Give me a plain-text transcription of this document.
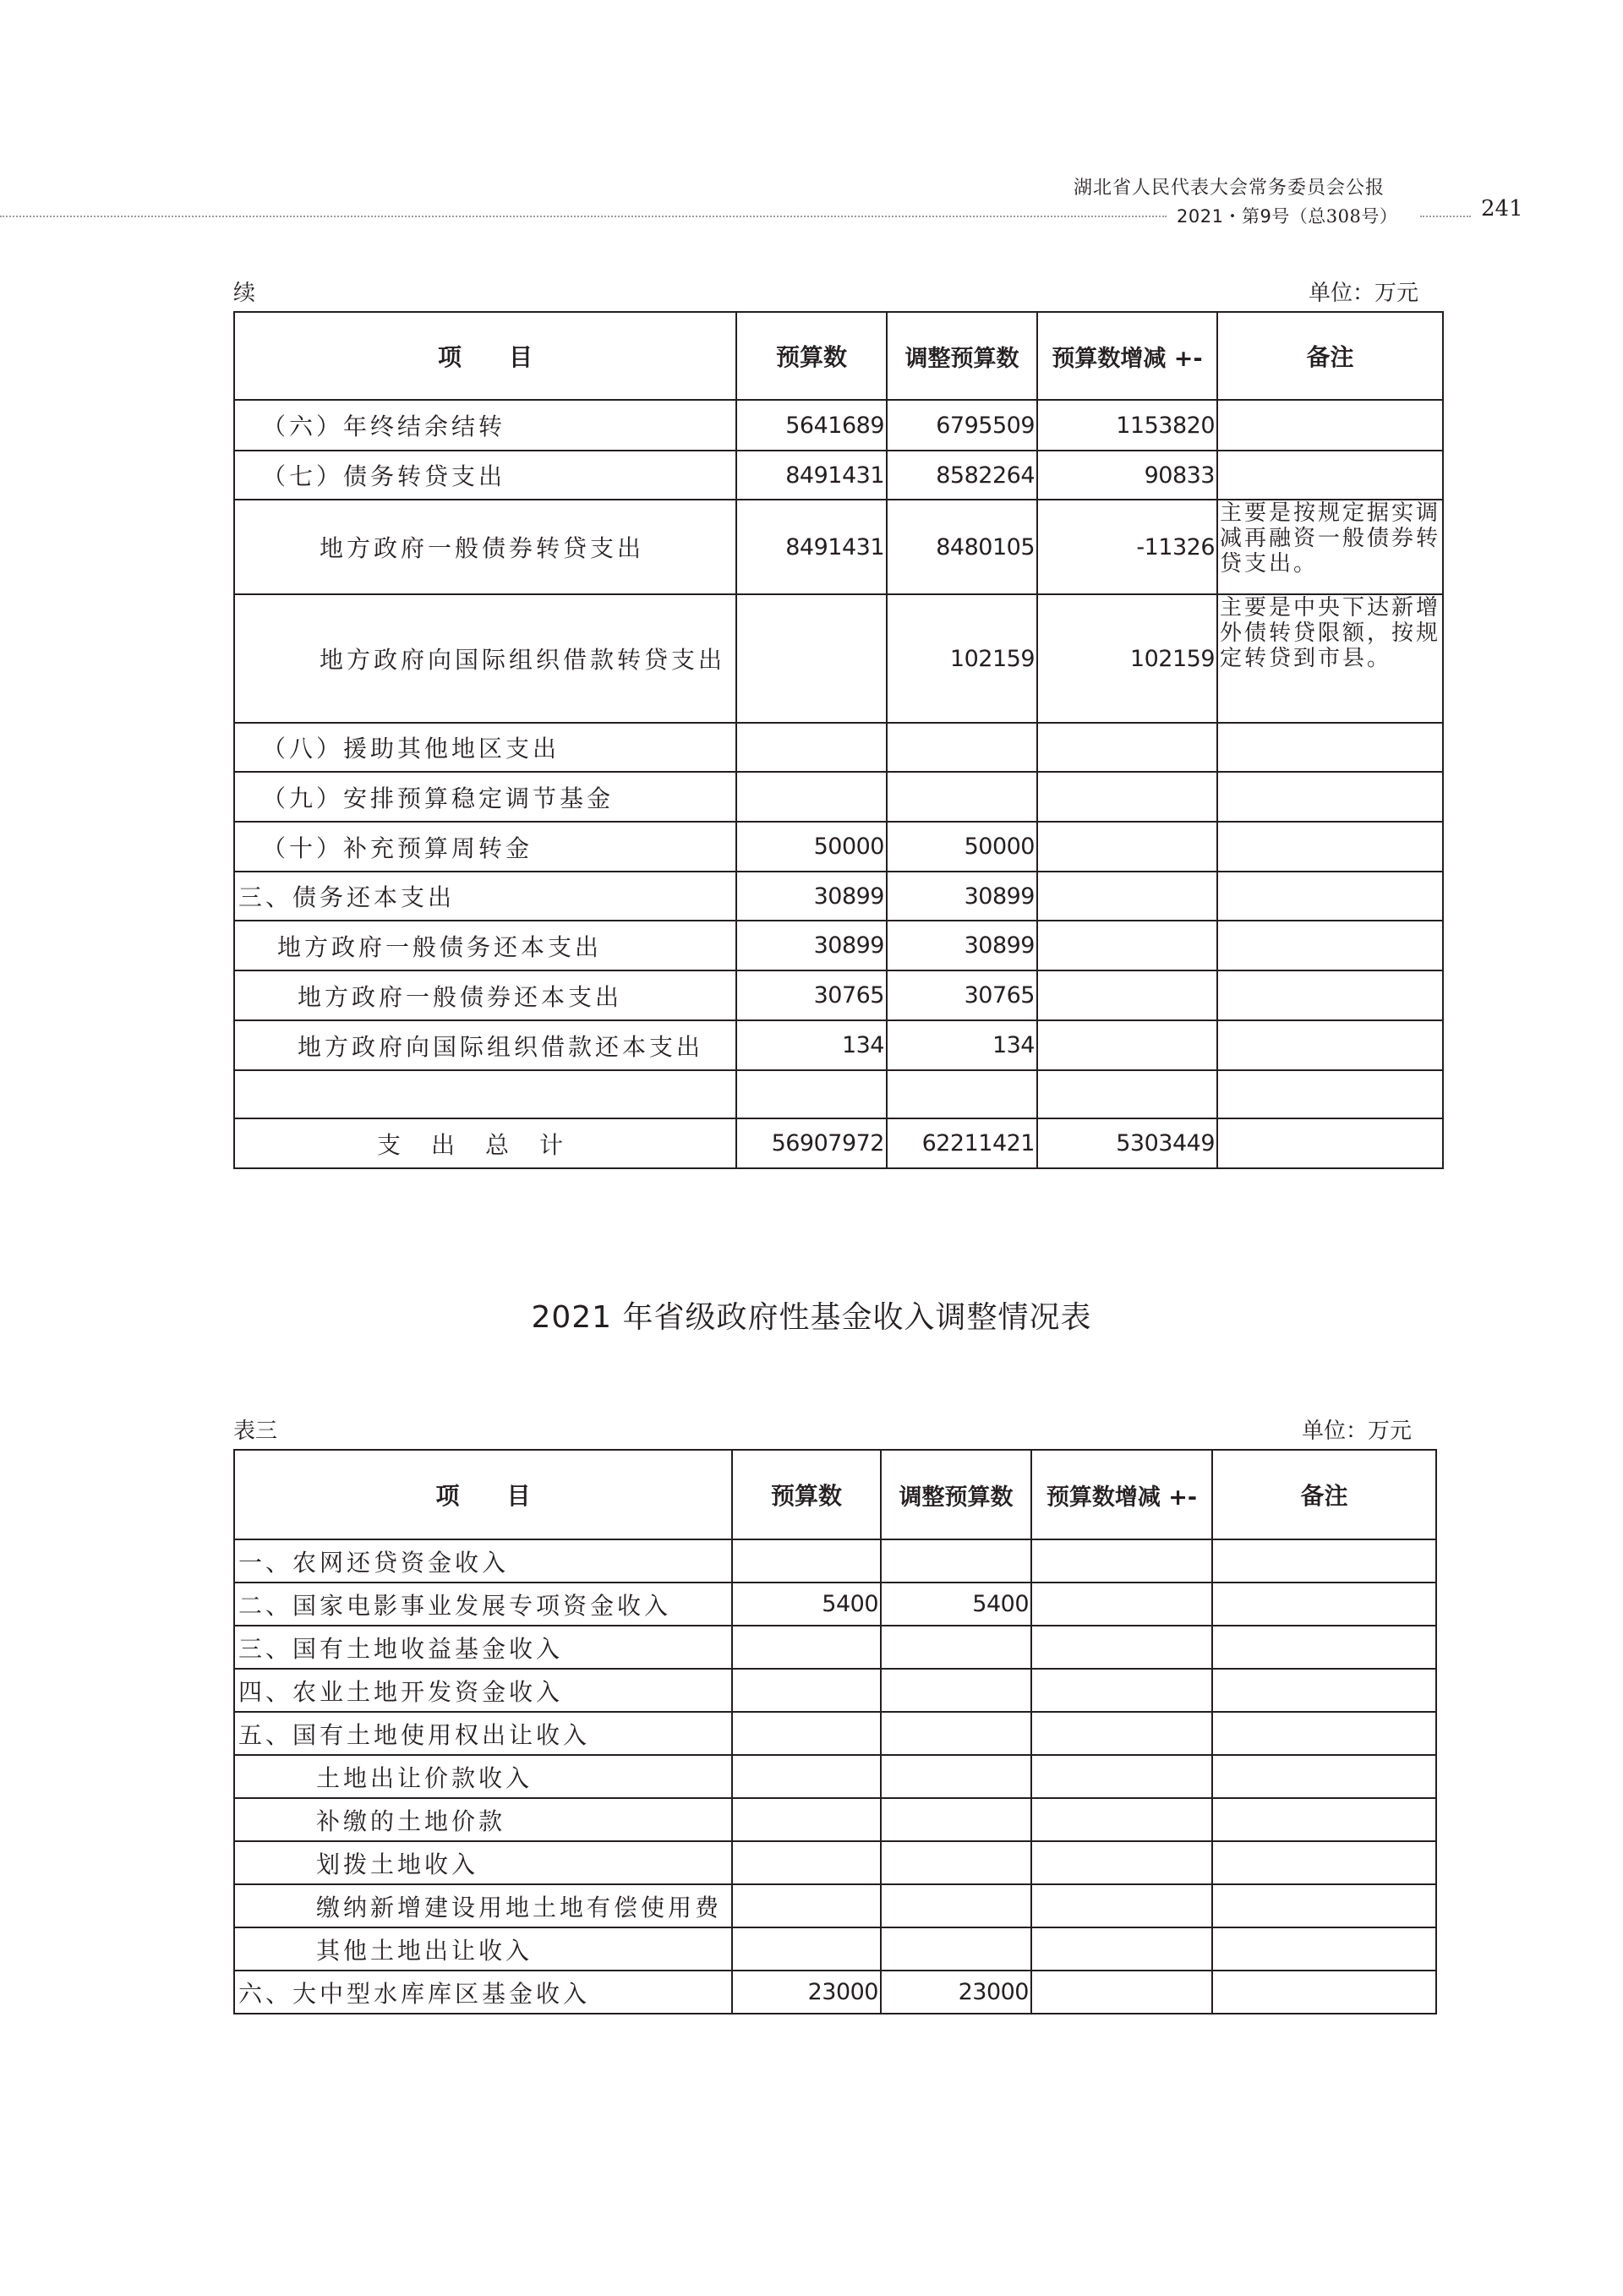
湖北省人民代表大会常务委员会公报
2021・第9号（总308号）	241
续	单位：万元
项　　目	预算数	调整预算数	预算数增减 +-	备注
（六）年终结余结转	5641689	6795509	1153820	
（七）债务转贷支出	8491431	8582264	90833	
地方政府一般债券转贷支出	8491431	8480105	-11326	主要是按规定据实调减再融资一般债券转贷支出。
地方政府向国际组织借款转贷支出		102159	102159	主要是中央下达新增外债转贷限额，按规定转贷到市县。
（八）援助其他地区支出				
（九）安排预算稳定调节基金				
（十）补充预算周转金	50000	50000		
三、债务还本支出	30899	30899		
地方政府一般债务还本支出	30899	30899		
地方政府一般债券还本支出	30765	30765		
地方政府向国际组织借款还本支出	134	134		

支出总计	56907972	62211421	5303449	
2021 年省级政府性基金收入调整情况表
表三	单位：万元
项　　目	预算数	调整预算数	预算数增减 +-	备注
一、农网还贷资金收入				
二、国家电影事业发展专项资金收入	5400	5400		
三、国有土地收益基金收入				
四、农业土地开发资金收入				
五、国有土地使用权出让收入				
土地出让价款收入				
补缴的土地价款				
划拨土地收入				
缴纳新增建设用地土地有偿使用费				
其他土地出让收入				
六、大中型水库库区基金收入	23000	23000		
